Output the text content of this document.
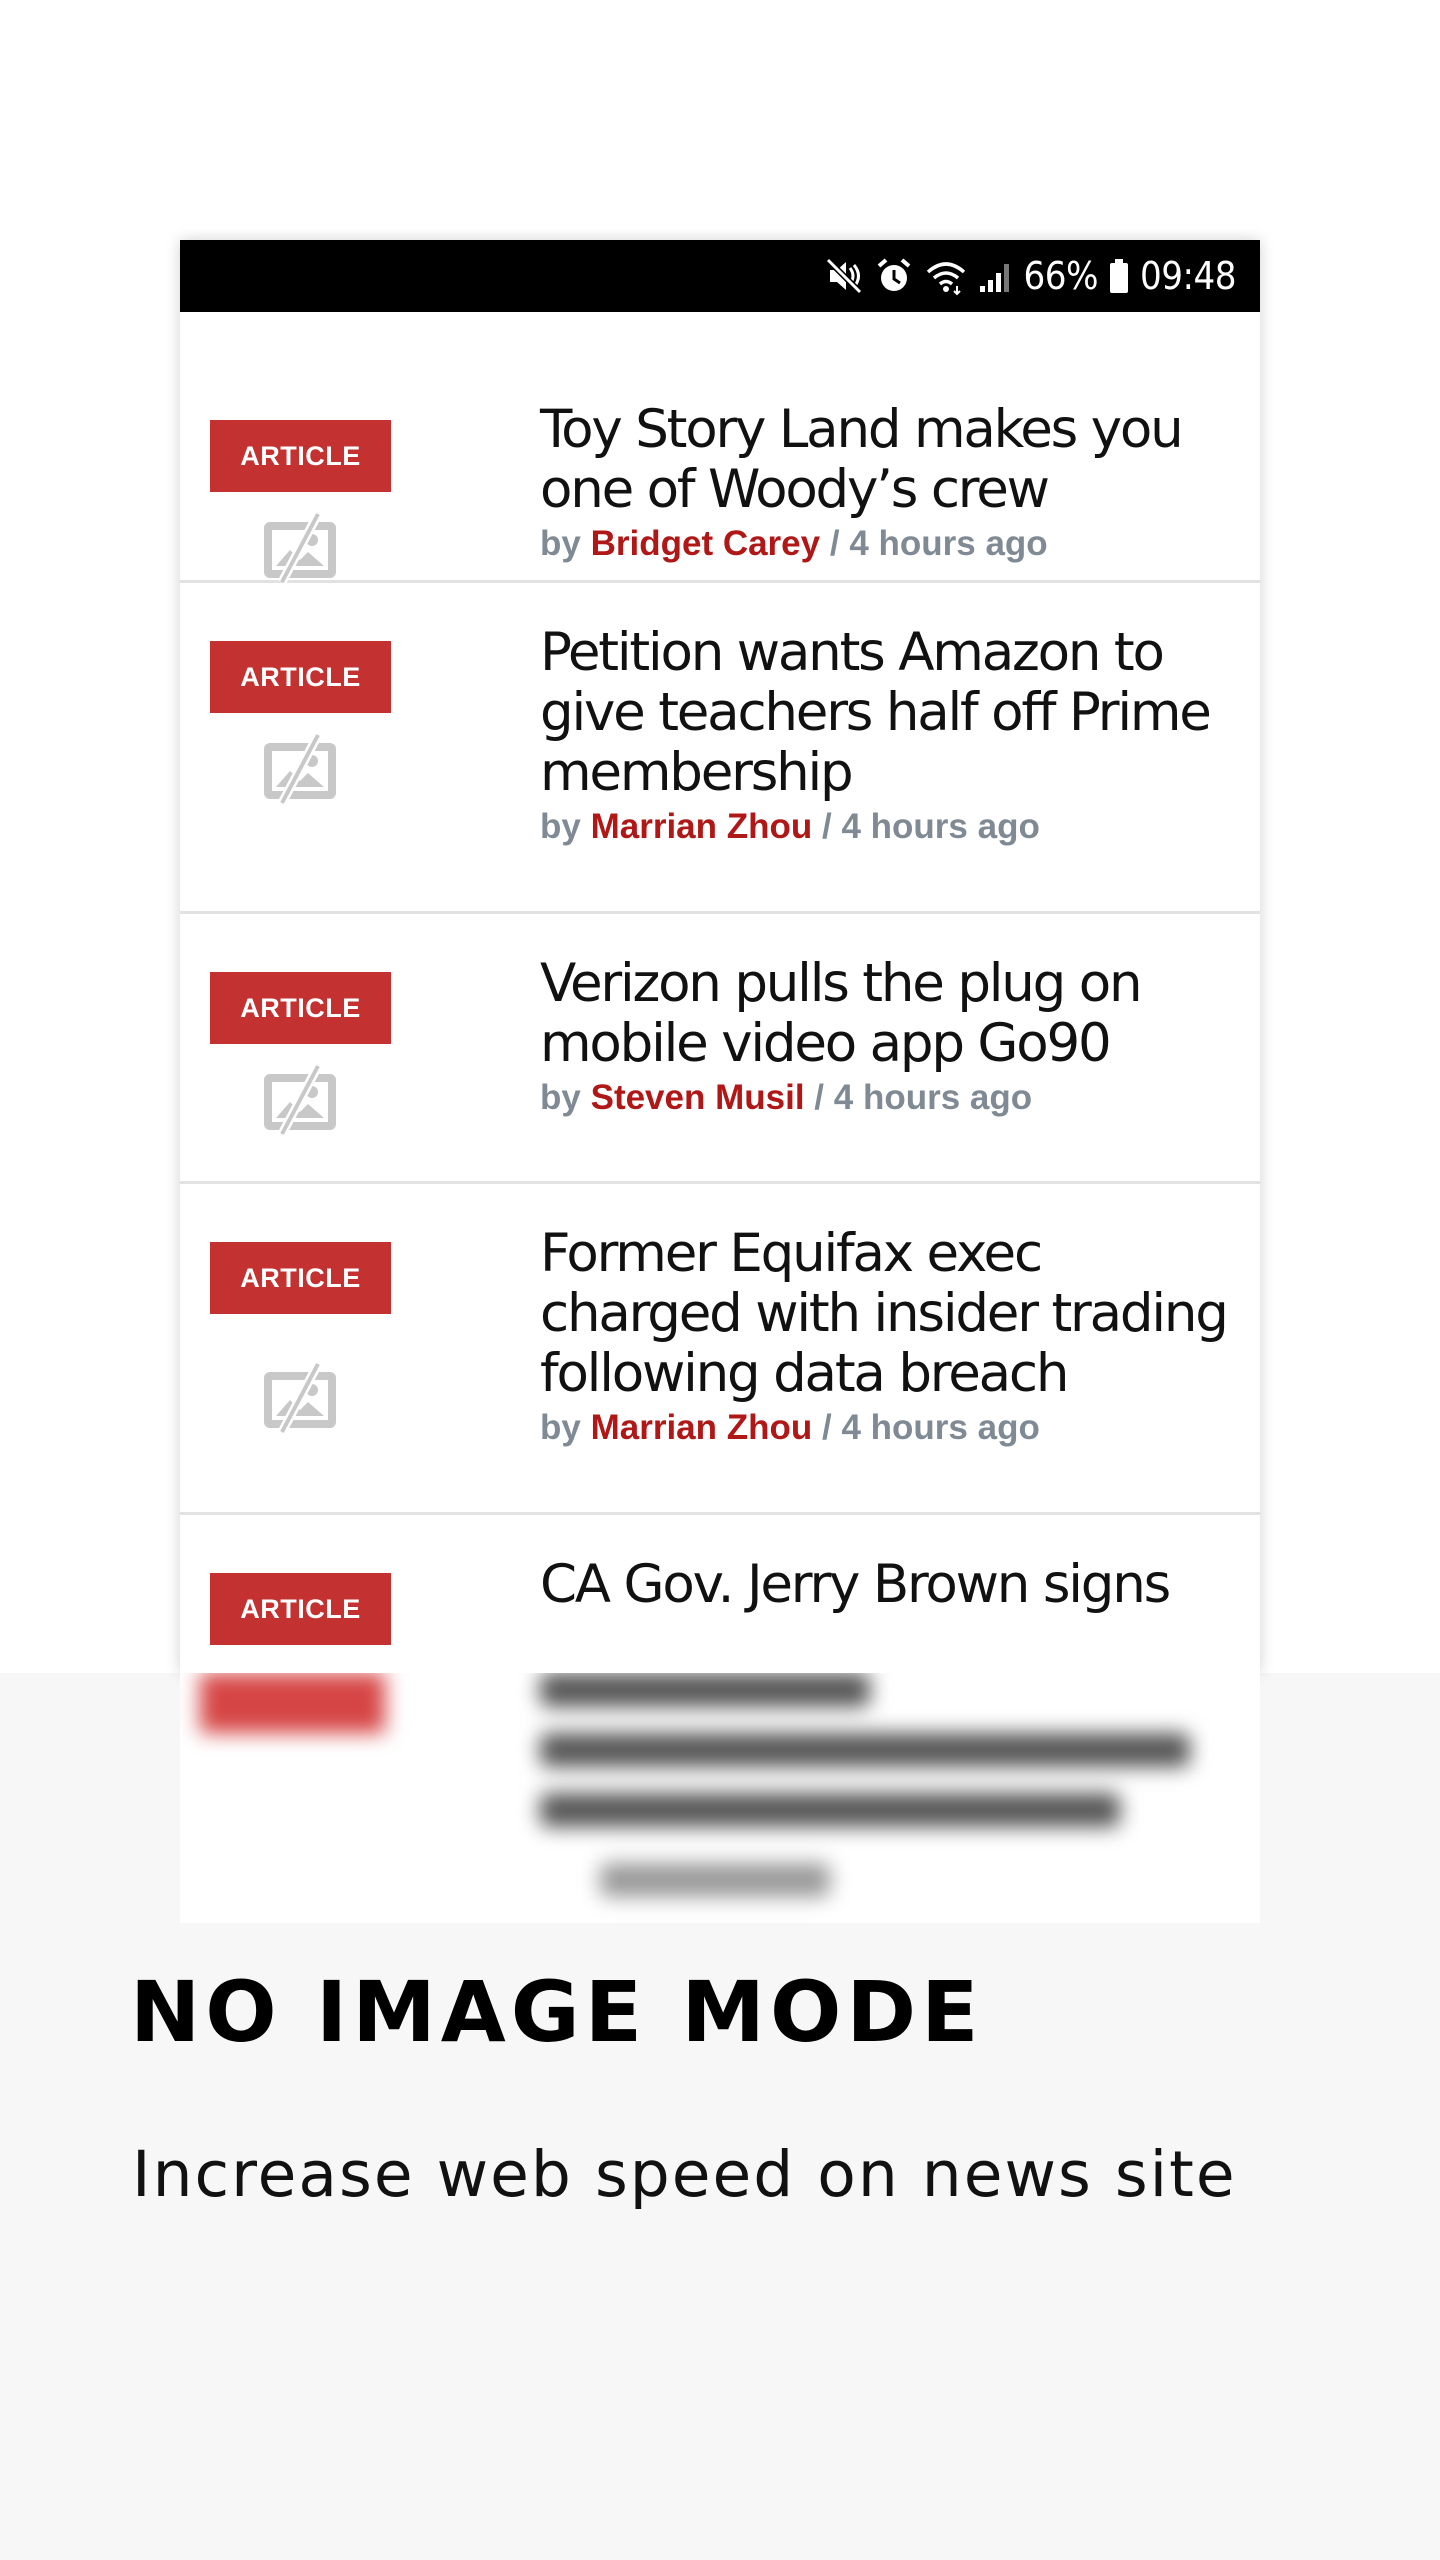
66% 09:48
ARTICLE	Toy Story Land makes you one of Woody’s crew

by Bridget Carey / 4 hours ago
ARTICLE	Petition wants Amazon to give teachers half off Prime membership

by Marrian Zhou / 4 hours ago
ARTICLE	Verizon pulls the plug on mobile video app Go90

by Steven Musil / 4 hours ago
ARTICLE	Former Equifax exec charged with insider trading following data breach

by Marrian Zhou / 4 hours ago
ARTICLE	CA Gov. Jerry Brown signs

NO IMAGE MODE

Increase web speed on news site
